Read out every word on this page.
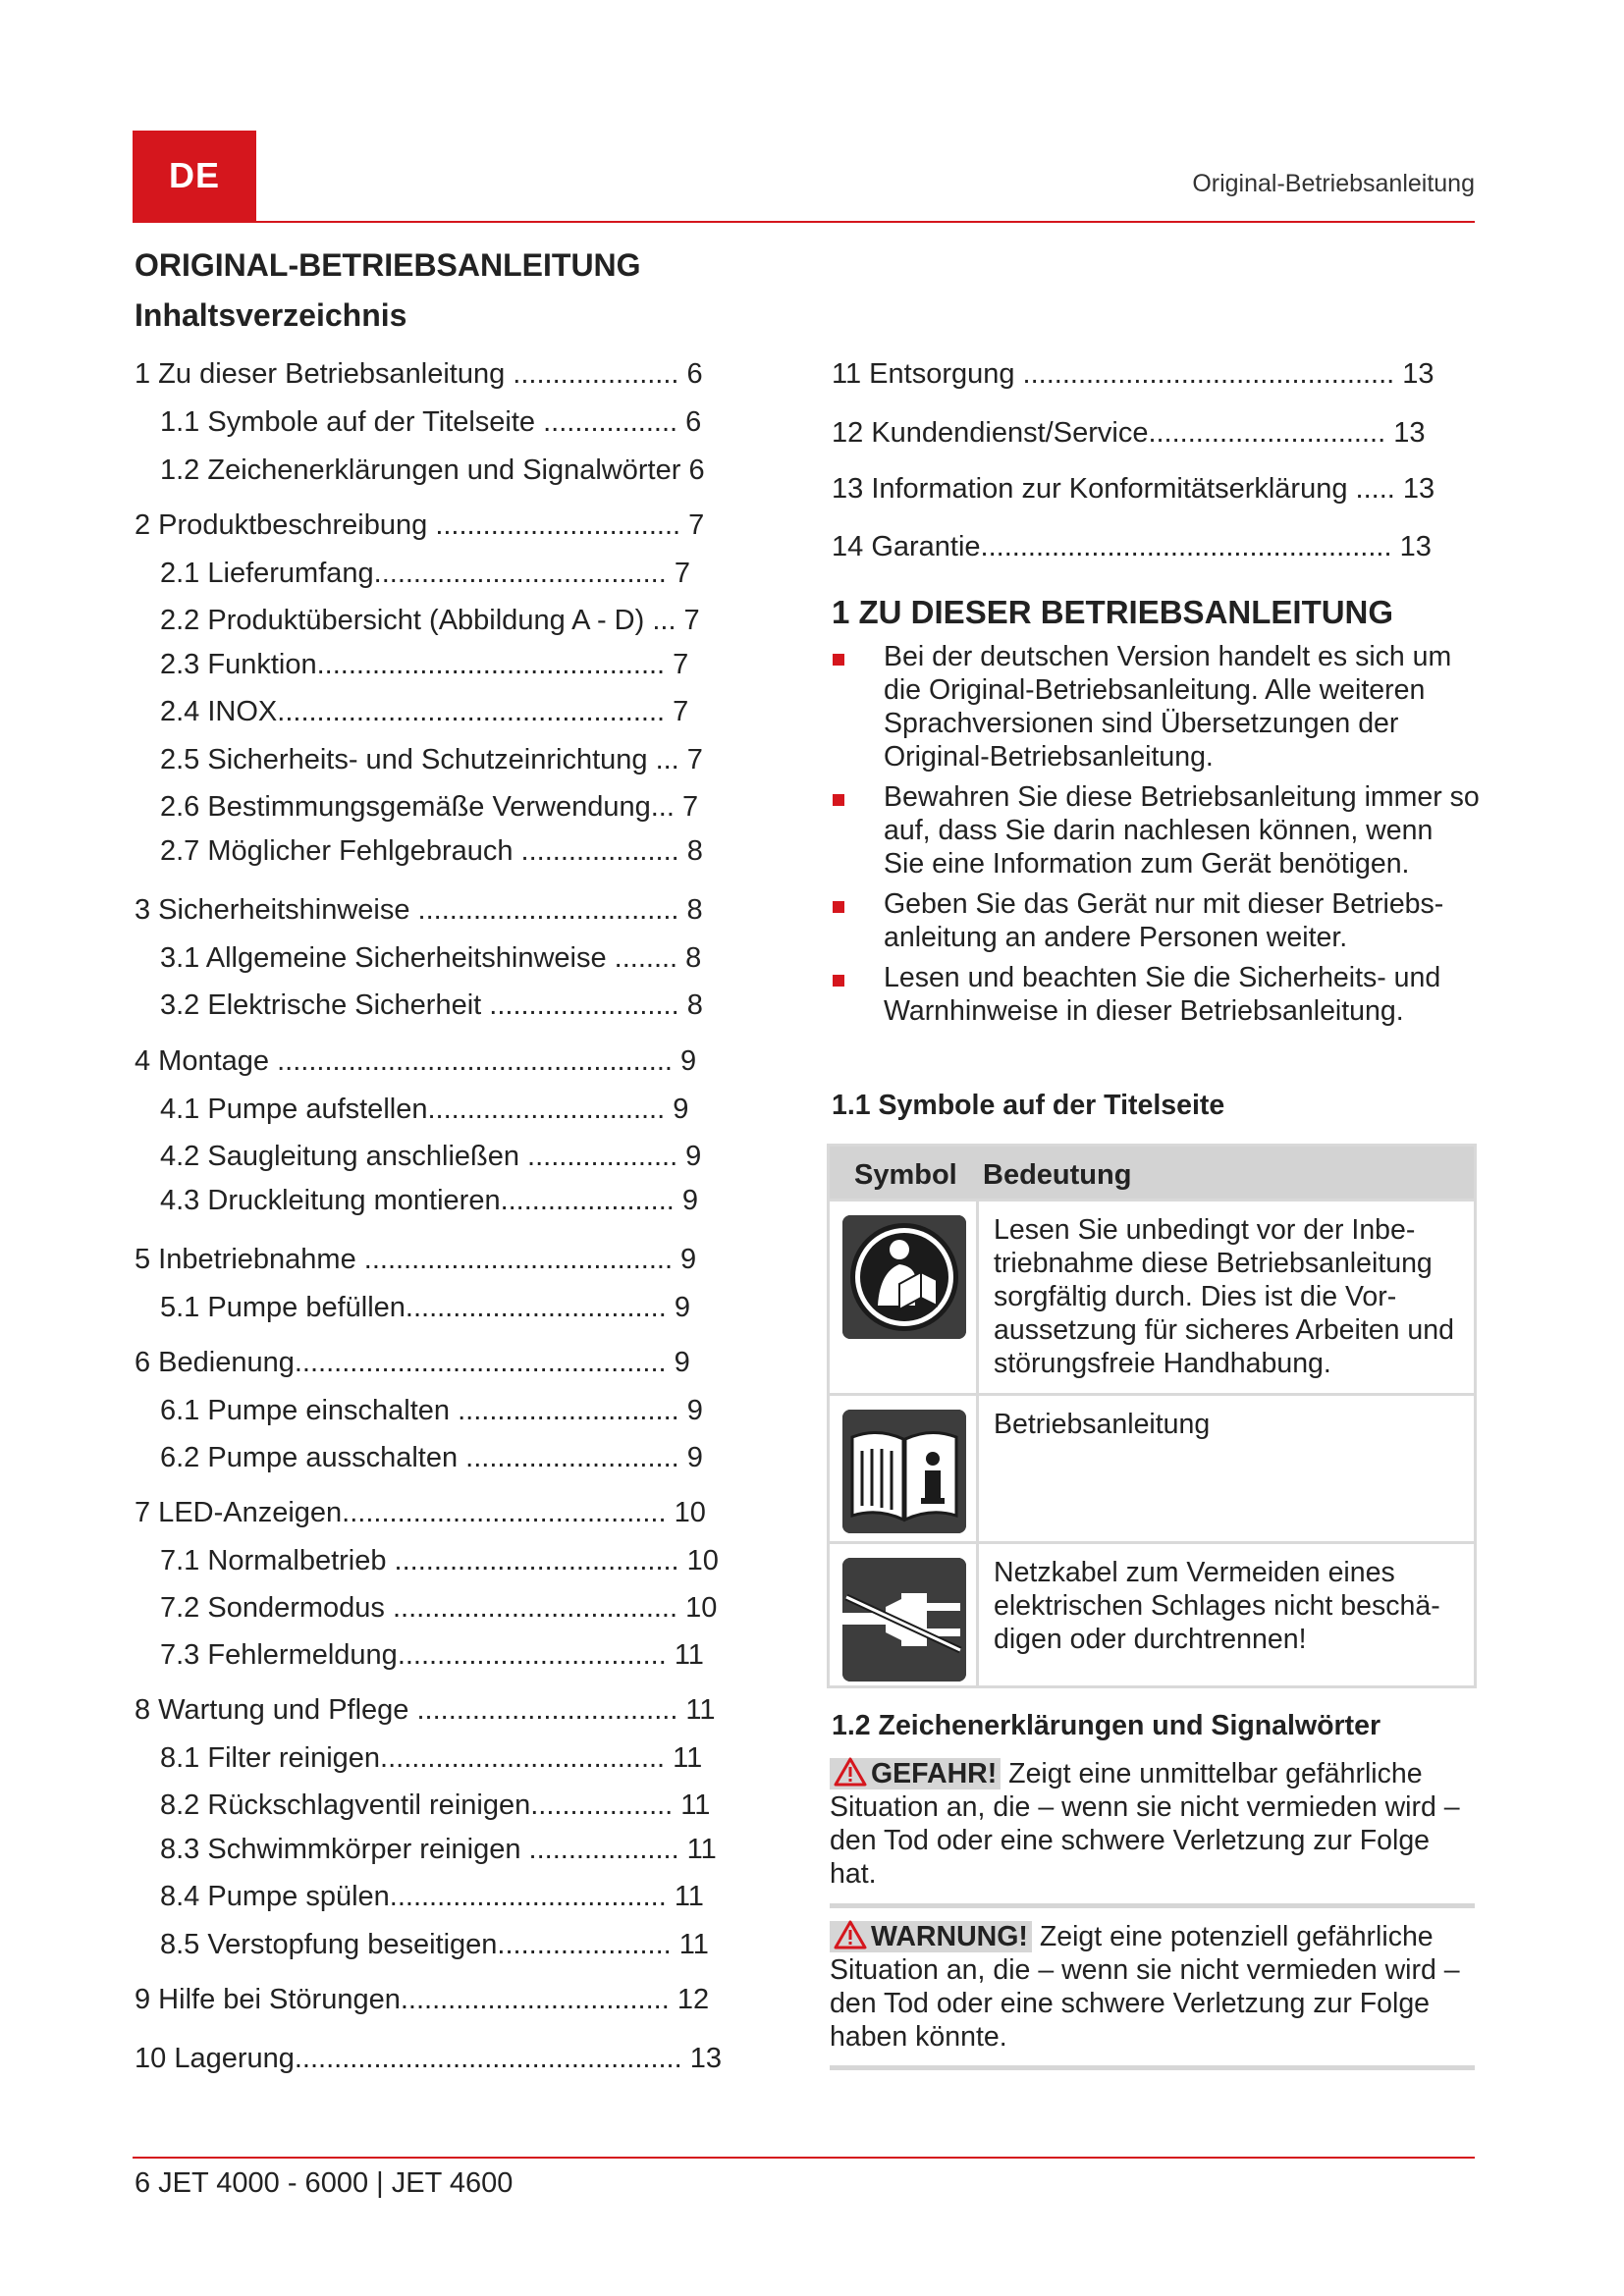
DE	Original-Betriebsanleitung
ORIGINAL-BETRIEBSANLEITUNG
Inhaltsverzeichnis
1 Zu dieser Betriebsanleitung ..................... 6
1.1 Symbole auf der Titelseite ................. 6
1.2 Zeichenerklärungen und Signalwörter 6
2 Produktbeschreibung ............................... 7
2.1 Lieferumfang..................................... 7
2.2 Produktübersicht (Abbildung A - D) ... 7
2.3 Funktion............................................ 7
2.4 INOX................................................. 7
2.5 Sicherheits- und Schutzeinrichtung ... 7
2.6 Bestimmungsgemäße Verwendung... 7
2.7 Möglicher Fehlgebrauch .................... 8
3 Sicherheitshinweise ................................. 8
3.1 Allgemeine Sicherheitshinweise ........ 8
3.2 Elektrische Sicherheit ........................ 8
4 Montage .................................................. 9
4.1 Pumpe aufstellen.............................. 9
4.2 Saugleitung anschließen ................... 9
4.3 Druckleitung montieren...................... 9
5 Inbetriebnahme ....................................... 9
5.1 Pumpe befüllen................................. 9
6 Bedienung............................................... 9
6.1 Pumpe einschalten ............................ 9
6.2 Pumpe ausschalten ........................... 9
7 LED-Anzeigen......................................... 10
7.1 Normalbetrieb .................................... 10
7.2 Sondermodus .................................... 10
7.3 Fehlermeldung.................................. 11
8 Wartung und Pflege ................................. 11
8.1 Filter reinigen.................................... 11
8.2 Rückschlagventil reinigen.................. 11
8.3 Schwimmkörper reinigen ................... 11
8.4 Pumpe spülen................................... 11
8.5 Verstopfung beseitigen...................... 11
9 Hilfe bei Störungen.................................. 12
10 Lagerung................................................. 13
11 Entsorgung ............................................... 13
12 Kundendienst/Service.............................. 13
13 Information zur Konformitätserklärung ..... 13
14 Garantie.................................................... 13
1 ZU DIESER BETRIEBSANLEITUNG
Bei der deutschen Version handelt es sich um die Original-Betriebsanleitung. Alle weiteren Sprachversionen sind Übersetzungen der Original-Betriebsanleitung.
Bewahren Sie diese Betriebsanleitung immer so auf, dass Sie darin nachlesen können, wenn Sie eine Information zum Gerät benötigen.
Geben Sie das Gerät nur mit dieser Betriebsanleitung an andere Personen weiter.
Lesen und beachten Sie die Sicherheits- und Warnhinweise in dieser Betriebsanleitung.
1.1 Symbole auf der Titelseite
Symbol Bedeutung
Lesen Sie unbedingt vor der Inbetriebnahme diese Betriebsanleitung sorgfältig durch. Dies ist die Voraussetzung für sicheres Arbeiten und störungsfreie Handhabung.
Betriebsanleitung
Netzkabel zum Vermeiden eines elektrischen Schlages nicht beschädigen oder durchtrennen!
1.2 Zeichenerklärungen und Signalwörter
GEFAHR! Zeigt eine unmittelbar gefährliche Situation an, die – wenn sie nicht vermieden wird – den Tod oder eine schwere Verletzung zur Folge hat.
WARNUNG! Zeigt eine potenziell gefährliche Situation an, die – wenn sie nicht vermieden wird – den Tod oder eine schwere Verletzung zur Folge haben könnte.
6 JET 4000 - 6000 | JET 4600
